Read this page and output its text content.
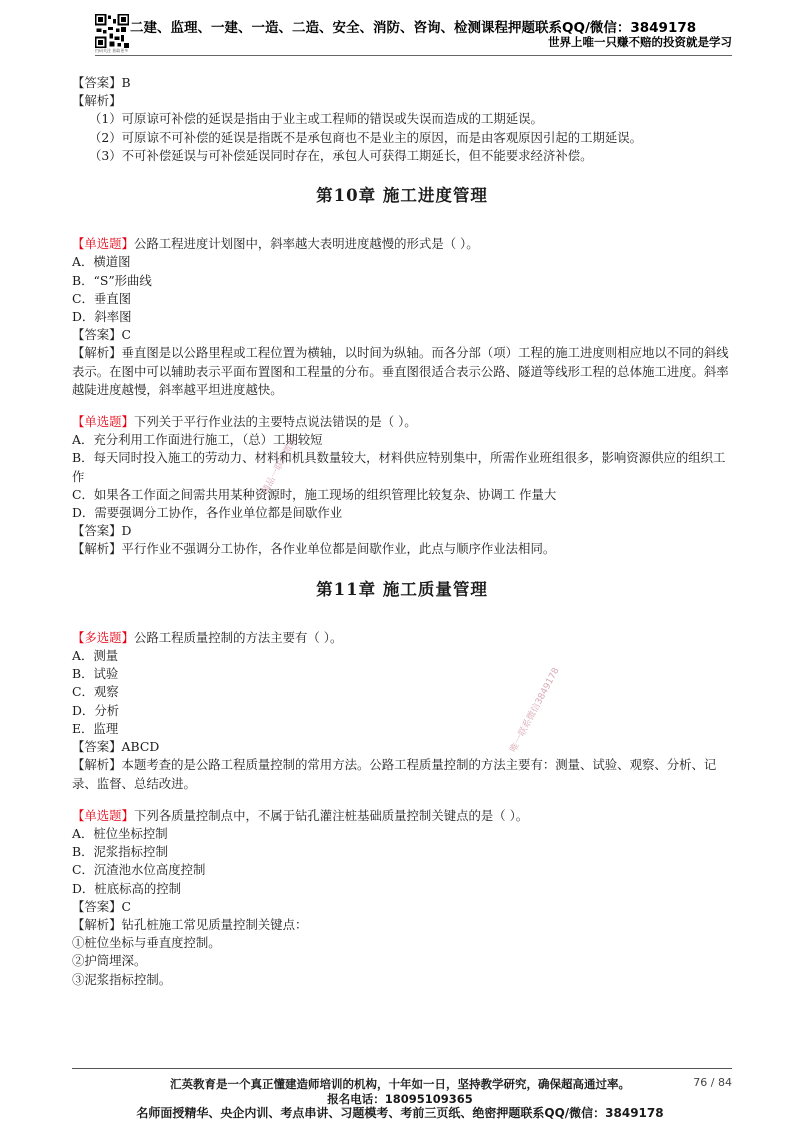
扫码关注 获取更多
二建、监理、一建、一造、二造、安全、消防、咨询、检测课程押题联系QQ/微信：3849178
世界上唯一只赚不赔的投资就是学习
精品一联系微信
唯一联系微信3849178
【答案】B
【解析】
（1）可原谅可补偿的延误是指由于业主或工程师的错误或失误而造成的工期延误。
（2）可原谅不可补偿的延误是指既不是承包商也不是业主的原因，而是由客观原因引起的工期延误。
（3）不可补偿延误与可补偿延误同时存在，承包人可获得工期延长，但不能要求经济补偿。
第10章 施工进度管理
【单选题】公路工程进度计划图中，斜率越大表明进度越慢的形式是（ ）。
A．横道图
B．“S”形曲线
C．垂直图
D．斜率图
【答案】C
【解析】垂直图是以公路里程或工程位置为横轴，以时间为纵轴。而各分部（项）工程的施工进度则相应地以不同的斜线表示。在图中可以辅助表示平面布置图和工程量的分布。垂直图很适合表示公路、隧道等线形工程的总体施工进度。斜率越陡进度越慢，斜率越平坦进度越快。
【单选题】下列关于平行作业法的主要特点说法错误的是（ ）。
A．充分利用工作面进行施工，（总）工期较短
B．每天同时投入施工的劳动力、材料和机具数量较大，材料供应特别集中，所需作业班组很多，影响资源供应的组织工作
C．如果各工作面之间需共用某种资源时，施工现场的组织管理比较复杂、协调工 作量大
D．需要强调分工协作，各作业单位都是间歇作业
【答案】D
【解析】平行作业不强调分工协作，各作业单位都是间歇作业，此点与顺序作业法相同。
第11章 施工质量管理
【多选题】公路工程质量控制的方法主要有（ ）。
A．测量
B．试验
C．观察
D．分析
E．监理
【答案】ABCD
【解析】本题考查的是公路工程质量控制的常用方法。公路工程质量控制的方法主要有：测量、试验、观察、分析、记录、监督、总结改进。
【单选题】下列各质量控制点中，不属于钻孔灌注桩基础质量控制关键点的是（ ）。
A．桩位坐标控制
B．泥浆指标控制
C．沉渣池水位高度控制
D．桩底标高的控制
【答案】C
【解析】钻孔桩施工常见质量控制关键点：
①桩位坐标与垂直度控制。
②护筒埋深。
③泥浆指标控制。
汇英教育是一个真正懂建造师培训的机构，十年如一日，坚持教学研究，确保超高通过率。	76 / 84
报名电话：18095109365
名师面授精华、央企内训、考点串讲、习题模考、考前三页纸、绝密押题联系QQ/微信：3849178
